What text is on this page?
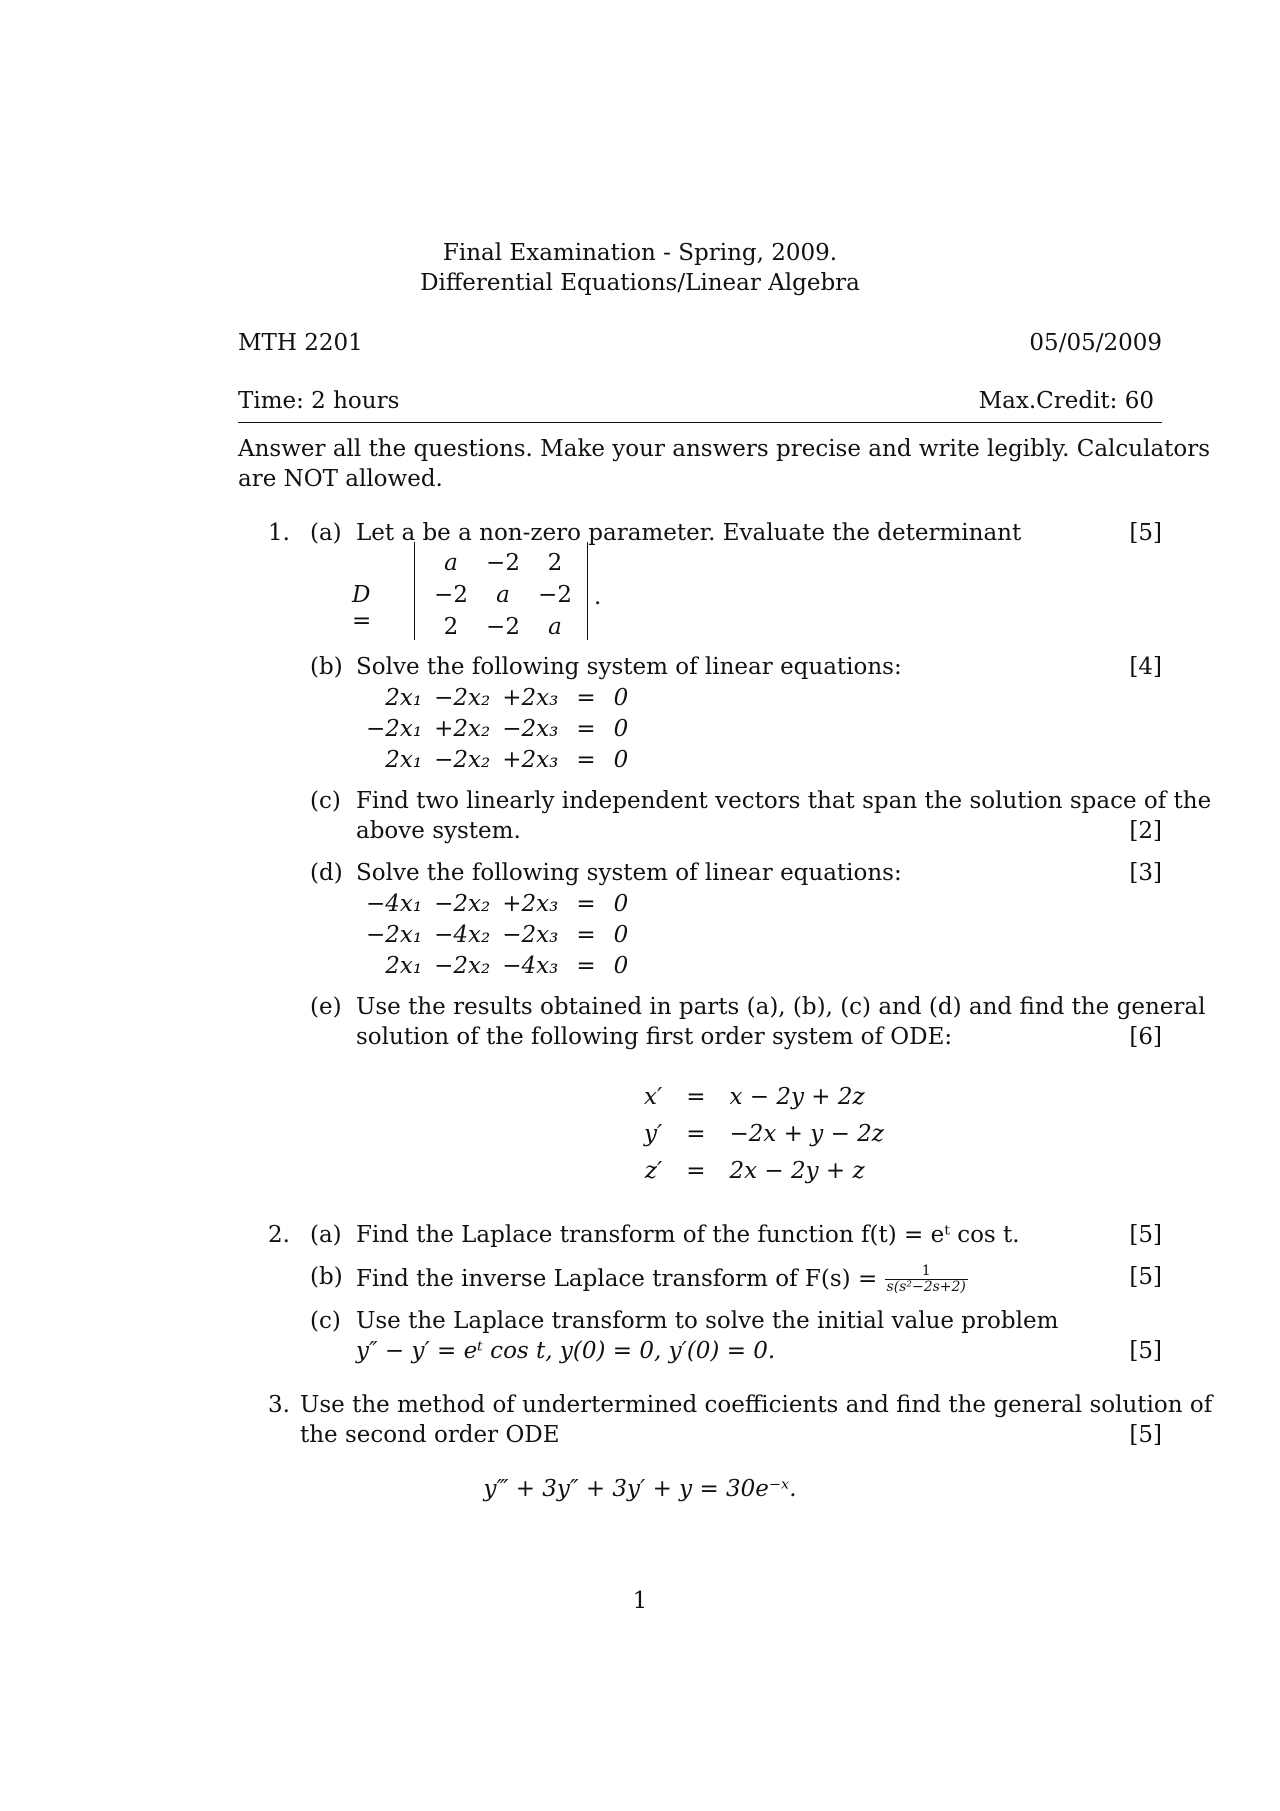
Final Examination - Spring, 2009.
Differential Equations/Linear Algebra
MTH 2201	05/05/2009
Time: 2 hours	Max.Credit: 60
Answer all the questions. Make your answers precise and write legibly. Calculators
are NOT allowed.
1. (a) Let a be a non-zero parameter. Evaluate the determinant	[5]
D =
a	−2	2
−2	a	−2
2	−2	a
.
(b) Solve the following system of linear equations:	[4]
2x₁	−2x₂	+2x₃	=	0
−2x₁	+2x₂	−2x₃	=	0
2x₁	−2x₂	+2x₃	=	0
(c) Find two linearly independent vectors that span the solution space of the
above system.	[2]
(d) Solve the following system of linear equations:	[3]
−4x₁	−2x₂	+2x₃	=	0
−2x₁	−4x₂	−2x₃	=	0
2x₁	−2x₂	−4x₃	=	0
(e) Use the results obtained in parts (a), (b), (c) and (d) and find the general
solution of the following first order system of ODE:	[6]
x′	=	x − 2y + 2z
y′	=	−2x + y − 2z
z′	=	2x − 2y + z
2. (a) Find the Laplace transform of the function f(t) = eᵗ cos t.	[5]
(b) Find the inverse Laplace transform of $F(s) = \frac{1}{\text{s(s²−2s+2)}}$	[5]
(c) Use the Laplace transform to solve the initial value problem
y″ − y′ = eᵗ cos t, y(0) = 0, y′(0) = 0.	[5]
3. Use the method of undertermined coefficients and find the general solution of
the second order ODE	[5]
y‴ + 3y″ + 3y′ + y = 30e⁻ˣ.
1
